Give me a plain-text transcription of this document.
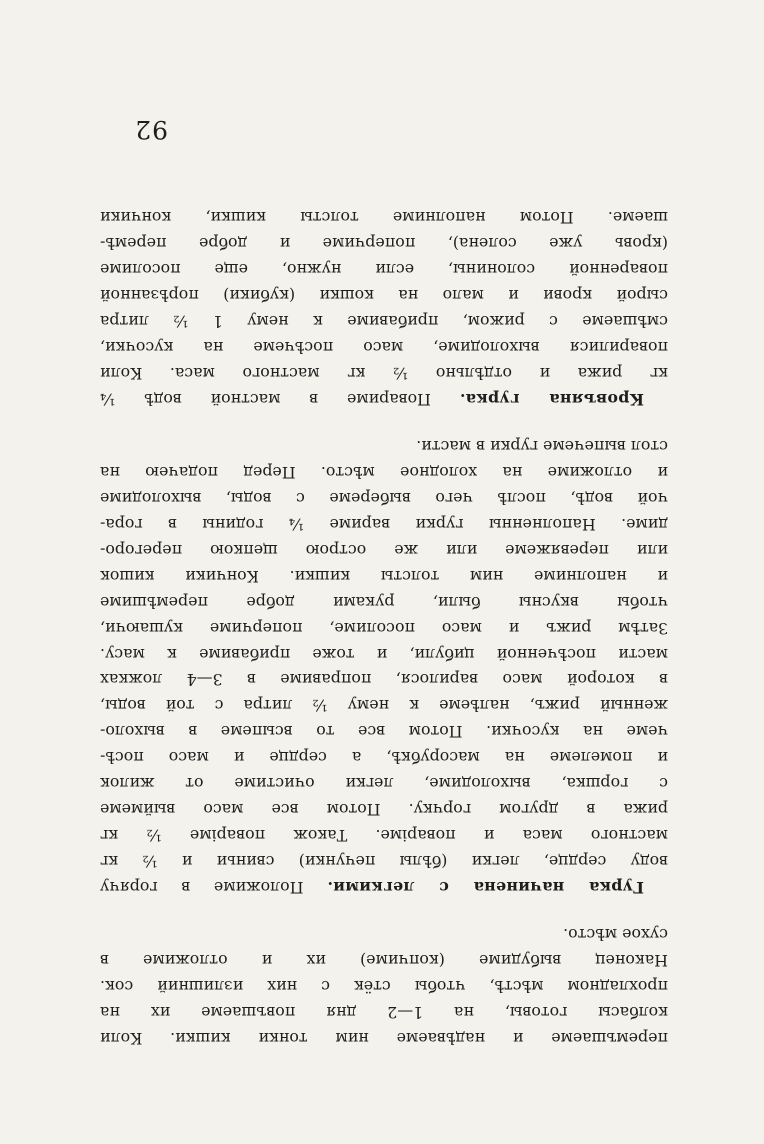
перемъшаеме и надѣваеме ним тонки кишки. Коли
колбасы готовы, на 1—2 дня повъшаеме их на
прохладном мѣстѣ, чтобы стёк с них излишний сок.
Наконец выбудиме (копчиме) их и отложиме в
сухое мѣсто.
Гурка начинена с легкими. Положиме в горячу
воду сердце, легки (бѣлы печунки) свиньи и ½ кг
мастного маса и поваріме. Також поваріме ½ кг
рижа в другом горчку. Потом все масо выймеме
с горшка, выхолодиме, легки очистиме от жилок
и помелеме на масорубкѣ, а сердце и масо посѣ-
чеме на кусочки. Потом все то всыпеме в выхоло-
женный рижъ, налѣеме к нему ½ литра с той воды,
в которой масо варилося, поправиме в 3—4 ложках
масти посѣченной цибули, и тоже прибавиме к масу.
Затѣм рижъ и масо посолиме, поперчиме кушаючи,
чтобы вкусны были, руками добре перемѣшиме
и наполниме ним толсты кишки. Кончики кишок
или перевяжеме или же острою щепкою перегоро-
диме. Наполненны гурки вариме ¼ годины в гора-
чой водѣ, послѣ чего выберeме с воды, выхолодиме
и отложиме на холодное мѣсто. Перед подачею на
стол выпечеме гурки в масти.
Кровъяна гурка. Повариме в мастной водѣ ¼
кг рижа и отдѣльно ½ кг мастного маса. Коли
поварилися выхолодиме, масо посѣчеме на кусочки,
смѣшаеме с рижом, прибавиме к нему 1 ½ литра
сырой крови и мало на кошки (кубики) порѣзанной
поваренной солонины, если нужно, еще посолиме
(кровь уже солена), поперчиме и добре перемѣ-
шаеме. Потом наполниме толсты кишки, кончики
92
